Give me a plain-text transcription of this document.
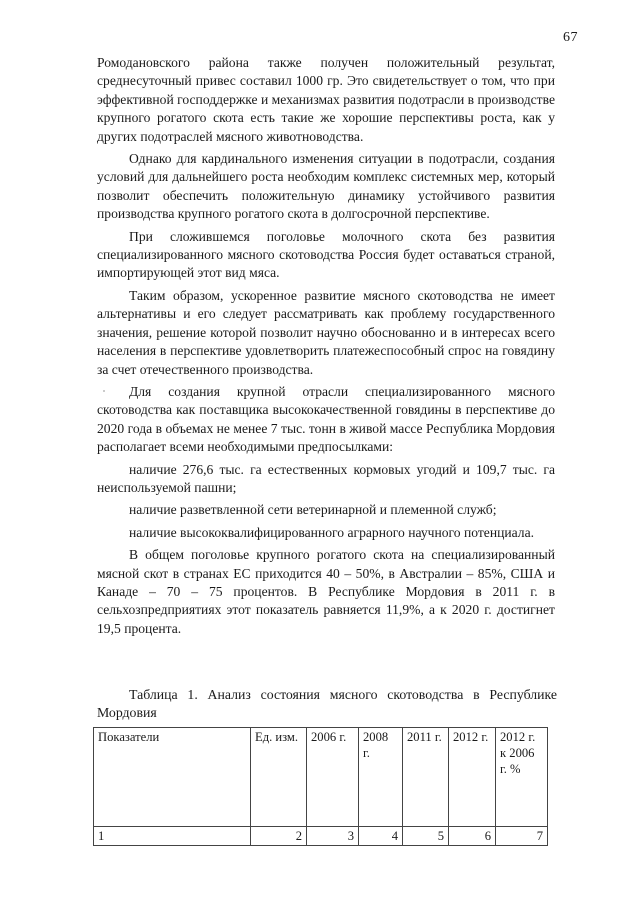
67

Ромодановского района также получен положительный результат, среднесуточный привес составил 1000 гр. Это свидетельствует о том, что при эффективной господдержке и механизмах развития подотрасли в производстве крупного рогатого скота есть такие же хорошие перспективы роста, как у других подотраслей мясного животноводства.

Однако для кардинального изменения ситуации в подотрасли, создания условий для дальнейшего роста необходим комплекс системных мер, который позволит обеспечить положительную динамику устойчивого развития производства крупного рогатого скота в долгосрочной перспективе.

При сложившемся поголовье молочного скота без развития специализированного мясного скотоводства Россия будет оставаться страной, импортирующей этот вид мяса.

Таким образом, ускоренное развитие мясного скотоводства не имеет альтернативы и его следует рассматривать как проблему государственного значения, решение которой позволит научно обоснованно и в интересах всего населения в перспективе удовлетворить платежеспособный спрос на говядину за счет отечественного производства.

Для создания крупной отрасли специализированного мясного скотоводства как поставщика высококачественной говядины в перспективе до 2020 года в объемах не менее 7 тыс. тонн в живой массе Республика Мордовия располагает всеми необходимыми предпосылками:

наличие 276,6 тыс. га естественных кормовых угодий и 109,7 тыс. га неиспользуемой пашни;

наличие разветвленной сети ветеринарной и племенной служб;

наличие высококвалифицированного аграрного научного потенциала.

В общем поголовье крупного рогатого скота на специализированный мясной скот в странах ЕС приходится 40 – 50%, в Австралии – 85%, США и Канаде – 70 – 75 процентов. В Республике Мордовия в 2011 г. в сельхозпредприятиях этот показатель равняется 11,9%, а к 2020 г. достигнет 19,5 процента.

Таблица 1. Анализ состояния мясного скотоводства в Республике Мордовия
Показатели	Ед. изм.	2006 г.	2008 г.	2011 г.	2012 г.	2012 г. к 2006 г. %
1	2	3	4	5	6	7
